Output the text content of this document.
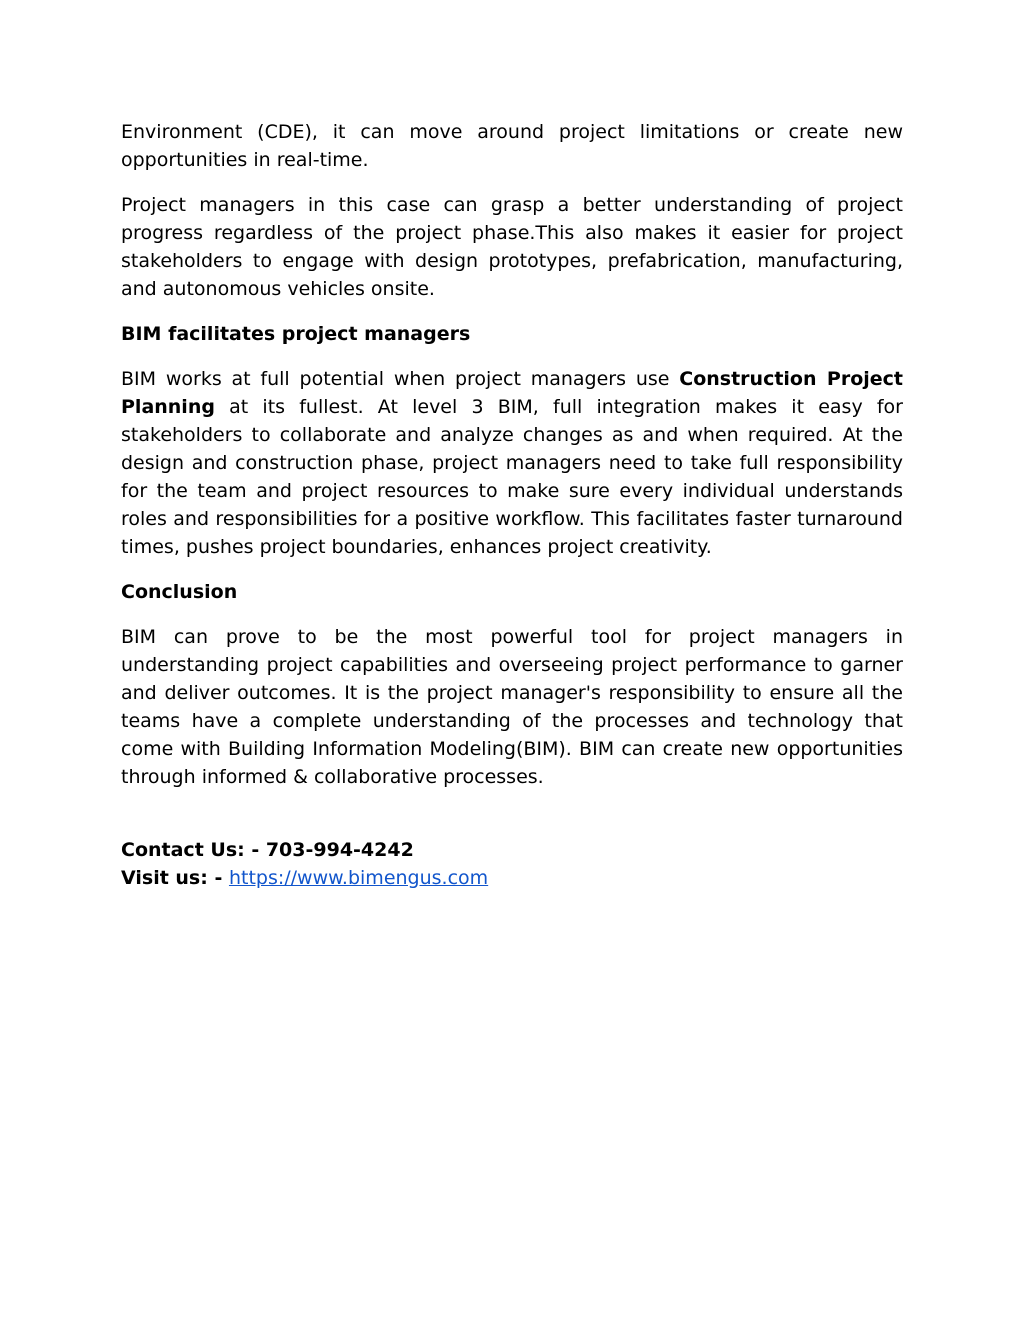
Environment (CDE), it can move around project limitations or create new opportunities in real-time.

Project managers in this case can grasp a better understanding of project progress regardless of the project phase.This also makes it easier for project stakeholders to engage with design prototypes, prefabrication, manufacturing, and autonomous vehicles onsite.

BIM facilitates project managers

BIM works at full potential when project managers use Construction Project Planning at its fullest. At level 3 BIM, full integration makes it easy for stakeholders to collaborate and analyze changes as and when required. At the design and construction phase, project managers need to take full responsibility for the team and project resources to make sure every individual understands roles and responsibilities for a positive workflow. This facilitates faster turnaround times, pushes project boundaries, enhances project creativity.

Conclusion

BIM can prove to be the most powerful tool for project managers in understanding project capabilities and overseeing project performance to garner and deliver outcomes. It is the project manager's responsibility to ensure all the teams have a complete understanding of the processes and technology that come with Building Information Modeling(BIM). BIM can create new opportunities through informed & collaborative processes.

Contact Us: - 703-994-4242

Visit us: - https://www.bimengus.com
